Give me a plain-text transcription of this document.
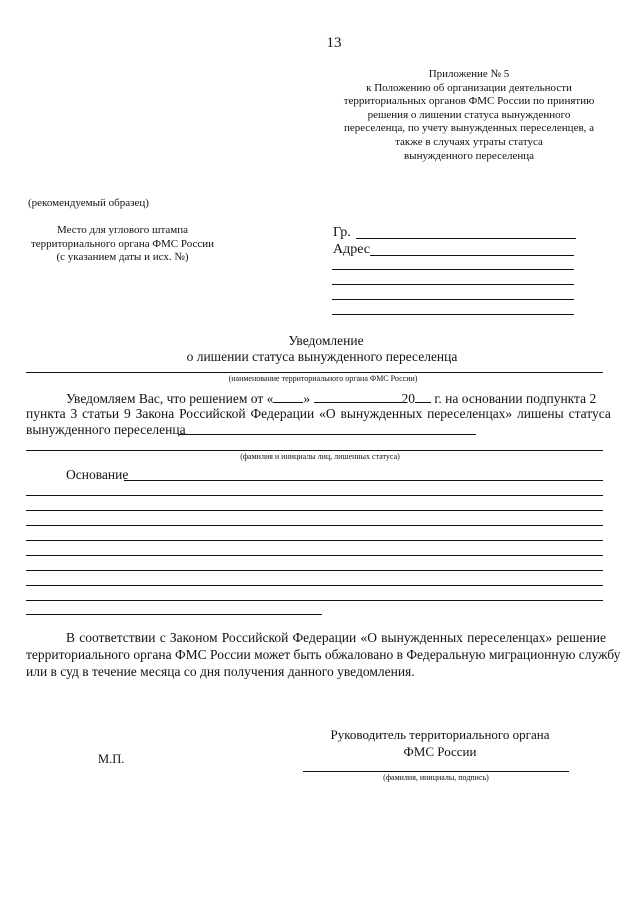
13
Приложение № 5
к Положению об организации деятельности
территориальных органов ФМС России по принятию
решения о лишении статуса вынужденного
переселенца, по учету вынужденных переселенцев, а
также в случаях утраты статуса
вынужденного переселенца
(рекомендуемый образец)
Место для углового штампа
территориального органа ФМС России
(с указанием даты и исх. №)
Гр.
Адрес
Уведомление
о лишении статуса вынужденного переселенца
(наименование территориального органа ФМС России)
Уведомляем Вас, что решением от « »	20 г. на основании подпункта 2
пункта 3 статьи 9 Закона Российской Федерации «О вынужденных переселенцах» лишены статуса
вынужденного переселенца
(фамилия и инициалы лиц, лишенных статуса)
Основание
В соответствии с Законом Российской Федерации «О вынужденных переселенцах» решение
территориального органа ФМС России может быть обжаловано в Федеральную миграционную службу
или в суд в течение месяца со дня получения данного уведомления.
Руководитель территориального органа
ФМС России
М.П.
(фамилия, инициалы, подпись)
